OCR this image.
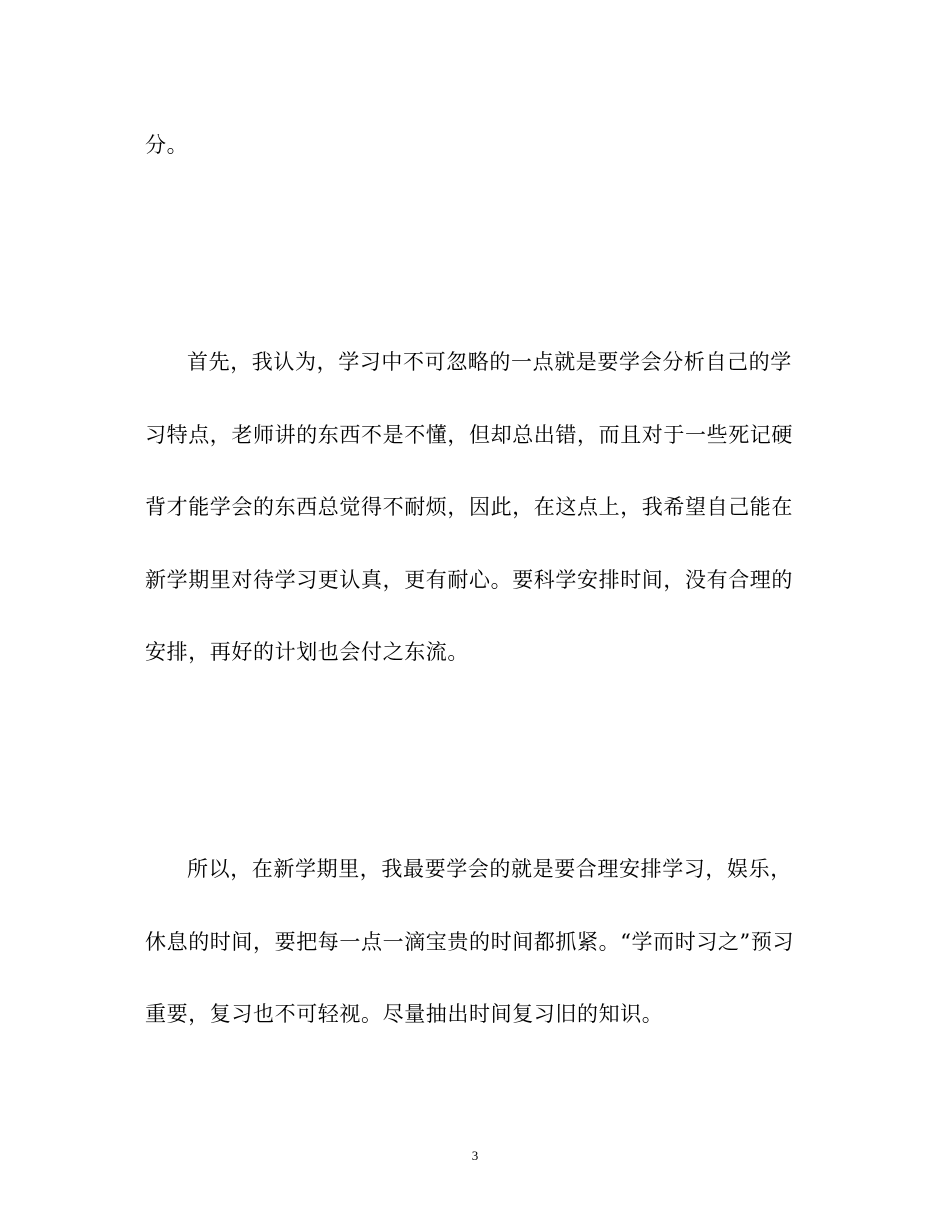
分。
首先，我认为，学习中不可忽略的一点就是要学会分析自己的学
习特点，老师讲的东西不是不懂，但却总出错，而且对于一些死记硬
背才能学会的东西总觉得不耐烦，因此，在这点上，我希望自己能在
新学期里对待学习更认真，更有耐心。要科学安排时间，没有合理的
安排，再好的计划也会付之东流。
所以，在新学期里，我最要学会的就是要合理安排学习，娱乐，
休息的时间，要把每一点一滴宝贵的时间都抓紧。“学而时习之”预习
重要，复习也不可轻视。尽量抽出时间复习旧的知识。
3
